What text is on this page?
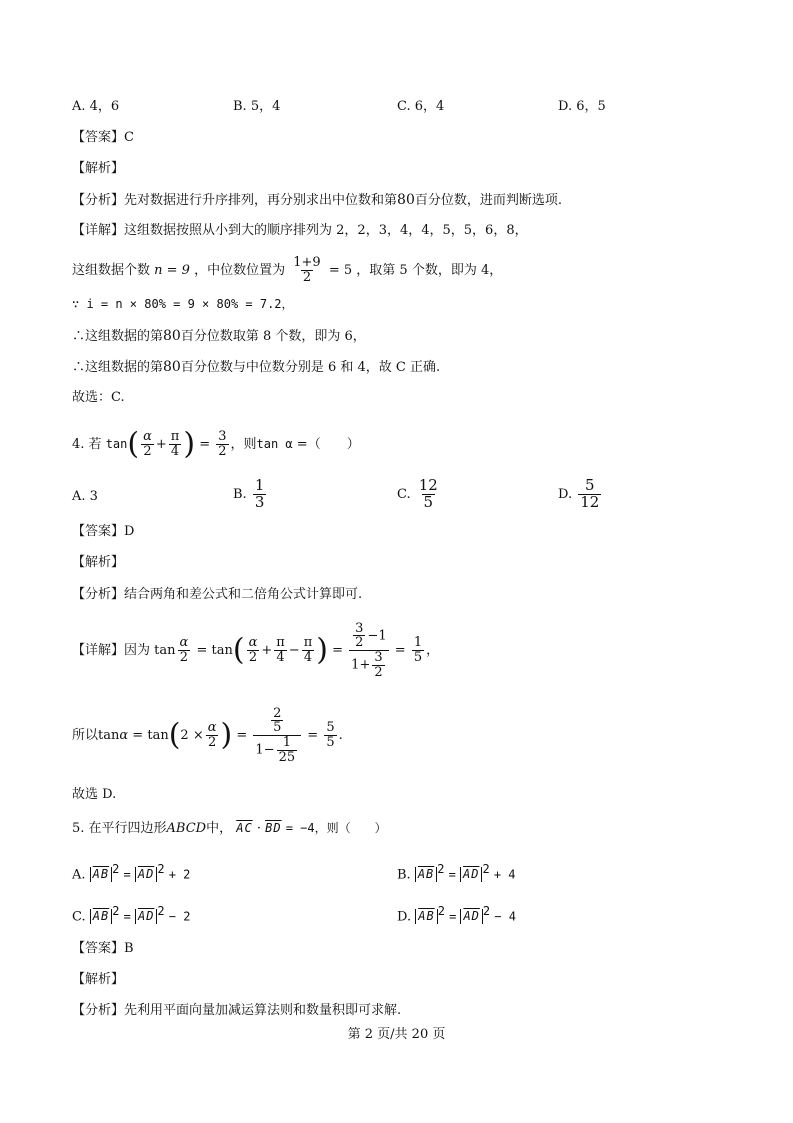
A. 4，6	B. 5，4	C. 6，4	D. 6，5
【答案】C
【解析】
【分析】先对数据进行升序排列，再分别求出中位数和第80百分位数，进而判断选项.
【详解】这组数据按照从小到大的顺序排列为 2，2，3，4，4，5，5，6，8，
这组数据个数 n = 9 ，中位数位置为 $\frac{1+9}{2} = 5$ ，取第 5 个数，即为 4，
∵ i = n × 80% = 9 × 80% = 7.2，
∴这组数据的第80百分位数取第 8 个数，即为 6，
∴这组数据的第80百分位数与中位数分别是 6 和 4，故 C 正确.
故选：C.
4. 若 $\tan( \frac{\alpha}{2} + \frac{\pi}{4}$ ) = $\frac{3}{2}$ ，则tan α =（　　）
A. 3	B. $\frac{1}{3}$	C. $\frac{12}{5}$	D. $\frac{5}{12}$
【答案】D
【解析】
【分析】结合两角和差公式和二倍角公式计算即可.
【详解】因为 $\tan \frac{\alpha}{2} = \tan( \frac{\alpha}{2} + \frac{\pi}{4} - \frac{\pi}{4}$ ) = $\frac{\frac{3}{2} -1}{1+ \frac{3}{2}} = \frac{1}{5}$ ，
所以$\tan\alpha = \tan(2 \times \frac{\alpha}{2}$ ) = $\frac{\frac{2}{5}}{1- \frac{1}{25}} = \frac{5}{5}$ .
故选 D.
5. 在平行四边形ABCD中， $\overline{AC} \cdot \overline{BD} = -4$，则（　　）
A. $\overline{AB}$ $^2 = \overline{AD}$ $^2$ + 2	B. $\overline{AB}$ $^2 = \overline{AD}$ $^2$ + 4
C. $\overline{AB}$ $^2 = \overline{AD}$ $^2$ − 2	D. $\overline{AB}$ $^2 = \overline{AD}$ $^2$ − 4
【答案】B
【解析】
【分析】先利用平面向量加减运算法则和数量积即可求解.
第 2 页/共 20 页
